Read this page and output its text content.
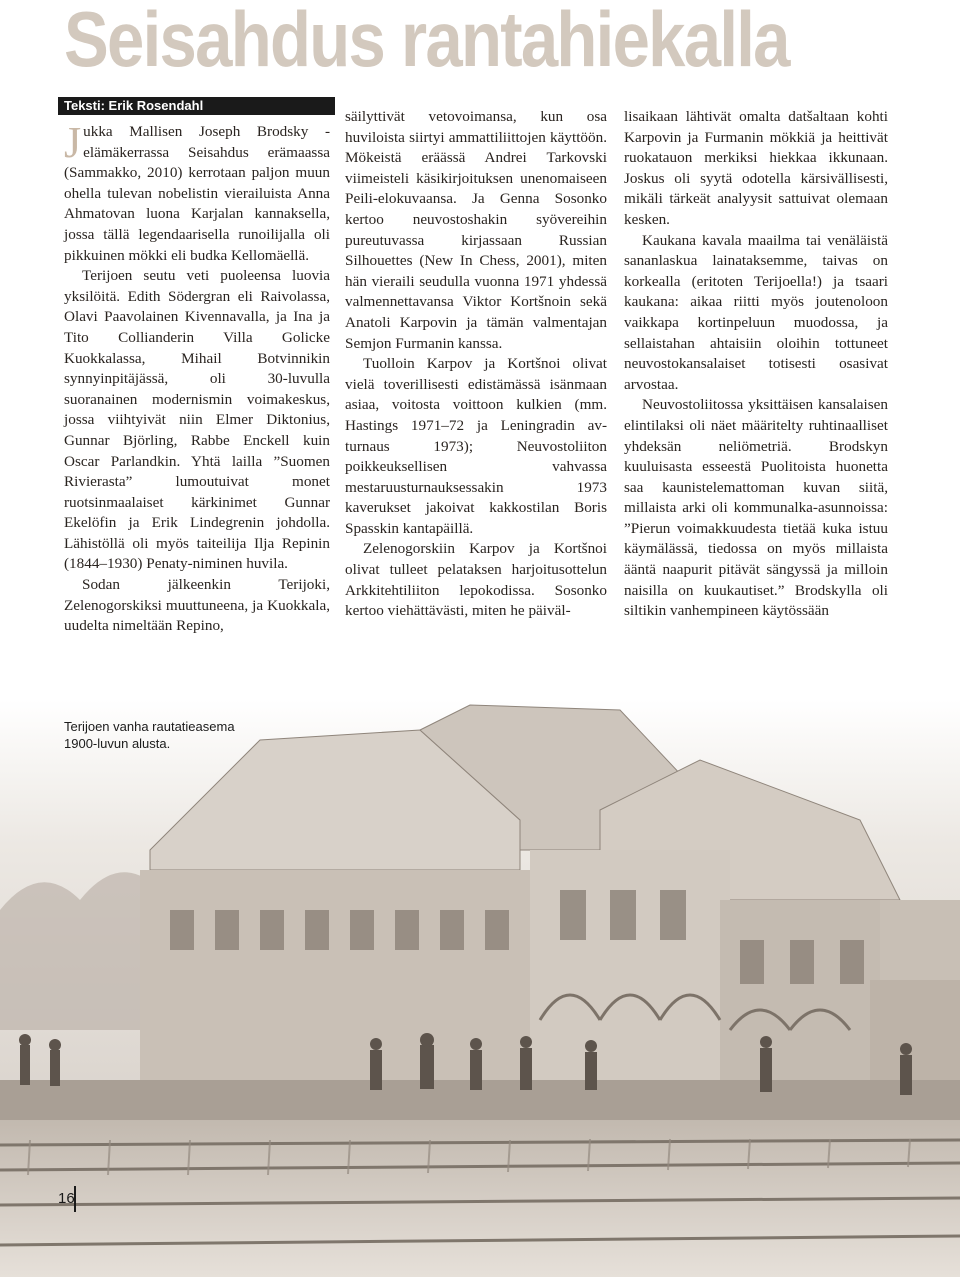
Seisahdus rantahiekalla
Teksti: Erik Rosendahl

Jukka Mallisen Joseph Brodsky -elämäkerrassa Seisahdus erämaassa (Sammakko, 2010) kerrotaan paljon muun ohella tulevan nobelistin vierailuista Anna Ahmatovan luona Karjalan kannaksella, jossa tällä legendaarisella runoilijalla oli pikkuinen mökki eli budka Kellomäellä.

Terijoen seutu veti puoleensa luovia yksilöitä. Edith Södergran eli Raivolassa, Olavi Paavolainen Kivennavalla, ja Ina ja Tito Collianderin Villa Golicke Kuokkalassa, Mihail Botvinnikin synnyinpitäjässä, oli 30-luvulla suoranainen modernismin voimakeskus, jossa viihtyivät niin Elmer Diktonius, Gunnar Björling, Rabbe Enckell kuin Oscar Parlandkin. Yhtä lailla ”Suomen Rivierasta” lumoutuivat monet ruotsinmaalaiset kärkinimet Gunnar Ekelöfin ja Erik Lindegrenin johdolla. Lähistöllä oli myös taiteilija Ilja Repinin (1844–1930) Penaty-niminen huvila.

Sodan jälkeenkin Terijoki, Zelenogorskiksi muuttuneena, ja Kuokkala, uudelta nimeltään Repino,

säilyttivät vetovoimansa, kun osa huviloista siirtyi ammattiliittojen käyttöön. Mökeistä eräässä Andrei Tarkovski viimeisteli käsikirjoituksen unenomaiseen Peili-elokuvaansa. Ja Genna Sosonko kertoo neuvostoshakin syövereihin pureutuvassa kirjassaan Russian Silhouettes (New In Chess, 2001), miten hän vieraili seudulla vuonna 1971 yhdessä valmennettavansa Viktor Kortšnoin sekä Anatoli Karpovin ja tämän valmentajan Semjon Furmanin kanssa.

Tuolloin Karpov ja Kortšnoi olivat vielä toverillisesti edistämässä isänmaan asiaa, voitosta voittoon kulkien (mm. Hastings 1971–72 ja Leningradin av-turnaus 1973); Neuvostoliiton poikkeuksellisen vahvassa mestaruusturnauksessakin 1973 kaverukset jakoivat kakkostilan Boris Spasskin kantapäillä.

Zelenogorskiin Karpov ja Kortšnoi olivat tulleet pelataksen harjoitusottelun Arkkitehtiliiton lepokodissa. Sosonko kertoo viehättävästi, miten he päiväl-

lisaikaan lähtivät omalta datšaltaan kohti Karpovin ja Furmanin mökkiä ja heittivät ruokatauon merkiksi hiekkaa ikkunaan. Joskus oli syytä odotella kärsivällisesti, mikäli tärkeät analyysit sattuivat olemaan kesken.

Kaukana kavala maailma tai venäläistä sananlaskua lainataksemme, taivas on korkealla (eritoten Terijoella!) ja tsaari kaukana: aikaa riitti myös joutenoloon vaikkapa kortinpeluun muodossa, ja sellaistahan ahtaisiin oloihin tottuneet neuvostokansalaiset totisesti osasivat arvostaa.

Neuvostoliitossa yksittäisen kansalaisen elintilaksi oli näet määritelty ruhtinaalliset yhdeksän neliömetriä. Brodskyn kuuluisasta esseestä Puolitoista huonetta saa kaunistelemattoman kuvan siitä, millaista arki oli kommunalka-asunnoissa: ”Pierun voimakkuudesta tietää kuka istuu käymälässä, tiedossa on myös millaista ääntä naapurit pitävät sängyssä ja milloin naisilla on kuukautiset.” Brodskylla oli siltikin vanhempineen käytössään

Terijoen vanha rautatieasema 1900-luvun alusta.
16
